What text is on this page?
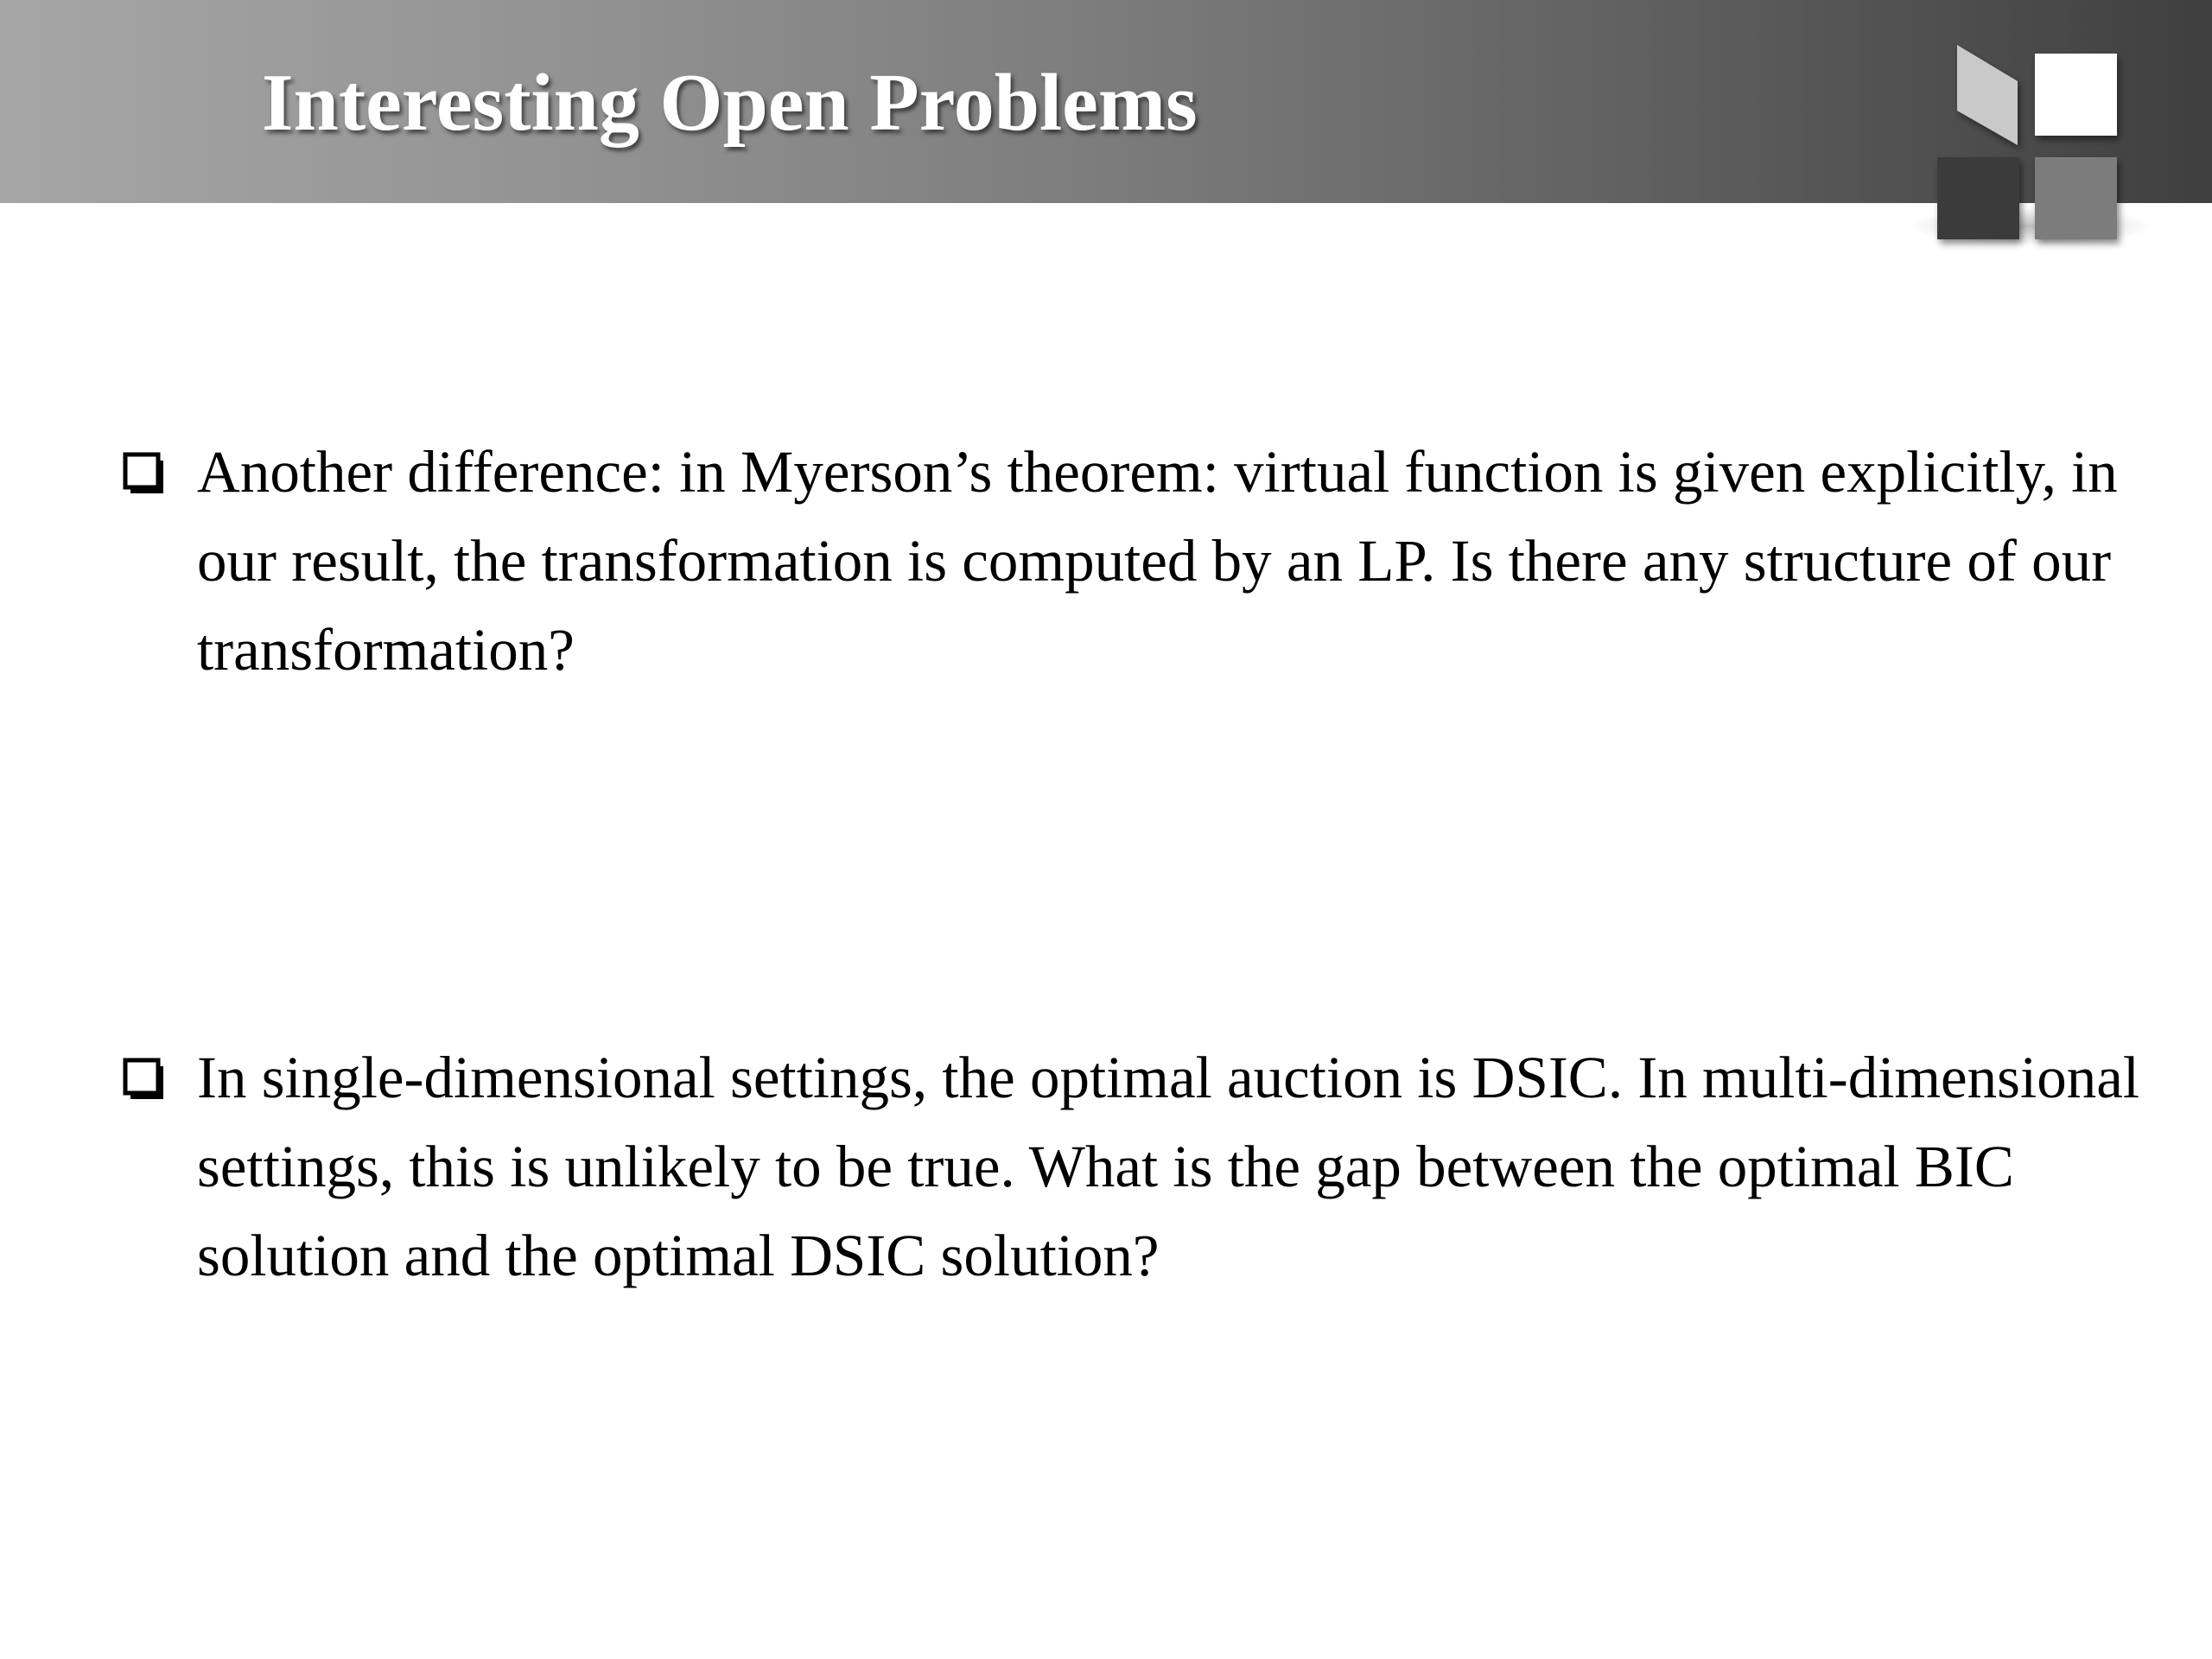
Interesting Open Problems

Another difference: in Myerson’s theorem: virtual function is given explicitly, in our result, the transformation is computed by an LP. Is there any structure of our transformation?

In single-dimensional settings, the optimal auction is DSIC. In multi-dimensional settings, this is unlikely to be true. What is the gap between the optimal BIC solution and the optimal DSIC solution?
